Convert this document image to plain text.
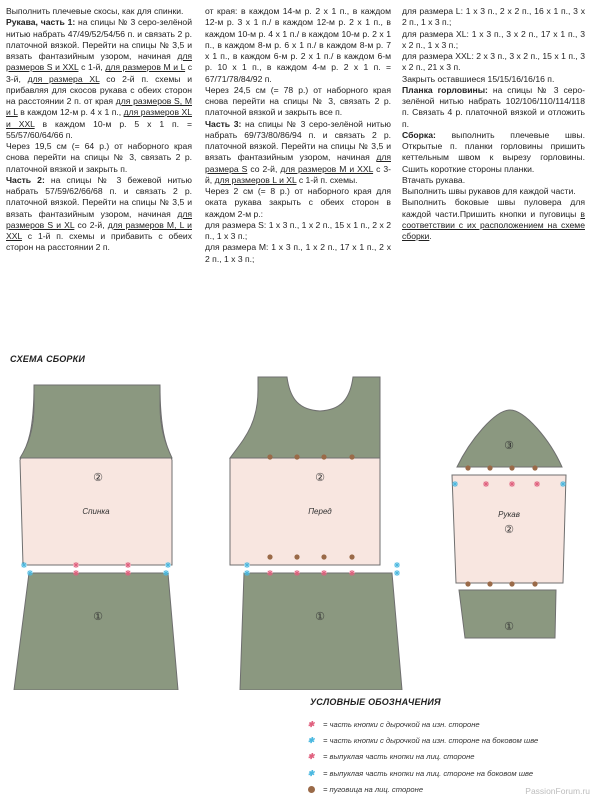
Выполнить плечевые скосы, как для спинки.

Рукава, часть 1: на спицы № 3 серо-зелёной нитью набрать 47/49/52/54/56 п. и связать 2 р. платочной вязкой. Перейти на спицы № 3,5 и вязать фантазийным узором, начиная для размеров S и XXL с 1-й, для размеров M и L с 3-й, для размера XL со 2-й п. схемы и прибавляя для скосов рукава с обеих сторон на расстоянии 2 п. от края для размеров S, M и L в каждом 12-м р. 4 х 1 п., для размеров XL и XXL в каждом 10-м р. 5 х 1 п. = 55/57/60/64/66 п.

Через 19,5 см (= 64 р.) от наборного края снова перейти на спицы № 3, связать 2 р. платочной вязкой и закрыть п.

Часть 2: на спицы № 3 бежевой нитью набрать 57/59/62/66/68 п. и связать 2 р. платочной вязкой. Перейти на спицы № 3,5 и вязать фантазийным узором, начиная для размеров S и XL со 2-й, для размеров M, L и XXL с 1-й п. схемы и прибавить с обеих сторон на расстоянии 2 п.

от края: в каждом 14-м р. 2 х 1 п., в каждом 12-м р. 3 х 1 п./ в каждом 12-м р. 2 х 1 п., в каждом 10-м р. 4 х 1 п./ в каждом 10-м р. 2 х 1 п., в каждом 8-м р. 6 х 1 п./ в каждом 8-м р. 7 х 1 п., в каждом 6-м р. 2 х 1 п./ в каждом 6-м р. 10 х 1 п., в каждом 4-м р. 2 х 1 п. = 67/71/78/84/92 п.

Через 24,5 см (= 78 р.) от наборного края снова перейти на спицы № 3, связать 2 р. платочной вязкой и закрыть все п.

Часть 3: на спицы № 3 серо-зелёной нитью набрать 69/73/80/86/94 п. и связать 2 р. платочной вязкой. Перейти на спицы № 3,5 и вязать фантазийным узором, начиная для размера S со 2-й, для размеров M и XXL с 3-й, для размеров L и XL с 1-й п. схемы.

Через 2 см (= 8 р.) от наборного края для оката рукава закрыть с обеих сторон в каждом 2-м р.:

для размера S: 1 х 3 п., 1 х 2 п., 15 х 1 п., 2 х 2 п., 1 х 3 п.;

для размера M: 1 х 3 п., 1 х 2 п., 17 х 1 п., 2 х 2 п., 1 х 3 п.;

для размера L: 1 х 3 п., 2 х 2 п., 16 х 1 п., 3 х 2 п., 1 х 3 п.;

для размера XL: 1 х 3 п., 3 х 2 п., 17 х 1 п., 3 х 2 п., 1 х 3 п.;

для размера XXL: 2 х 3 п., 3 х 2 п., 15 х 1 п., 3 х 2 п., 21 х 3 п.

Закрыть оставшиеся 15/15/16/16/16 п.

Планка горловины: на спицы № 3 серо-зелёной нитью набрать 102/106/110/114/118 п. Связать 4 р. платочной вязкой и отложить п.

Сборка: выполнить плечевые швы. Открытые п. планки горловины пришить кеттельным швом к вырезу горловины. Сшить короткие стороны планки.

Втачать рукава.

Выполнить швы рукавов для каждой части.

Выполнить боковые швы пуловера для каждой части.Пришить кнопки и пуговицы в соответствии с их расположением на схеме сборки.

СХЕМА СБОРКИ
Спинка
②
①
Перед
②
①
Рукав
③
②
①
УСЛОВНЫЕ ОБОЗНАЧЕНИЯ
✱	= часть кнопки с дырочкой на изн. стороне
✱	= часть кнопки с дырочкой на изн. стороне на боковом шве
✱	= выпуклая часть кнопки на лиц. стороне
✱	= выпуклая часть кнопки на лиц. стороне на боковом шве
= пуговица на лиц. стороне	PassionForum.ru
